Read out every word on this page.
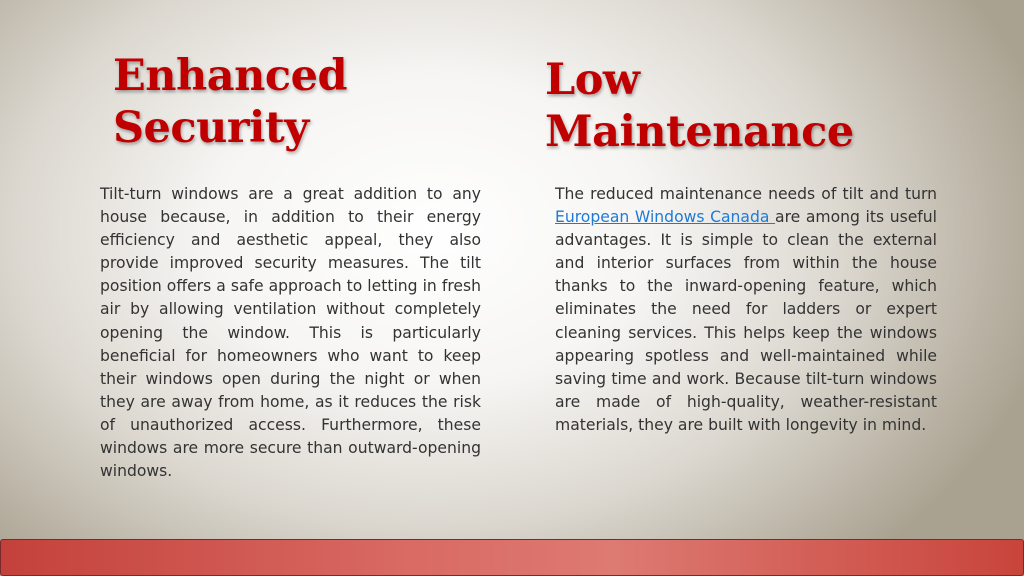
Enhanced
Security
Low
Maintenance

Tilt-turn windows are a great addition to any house because, in addition to their energy efficiency and aesthetic appeal, they also provide improved security measures. The tilt position offers a safe approach to letting in fresh air by allowing ventilation without completely opening the window. This is particularly beneficial for homeowners who want to keep their windows open during the night or when they are away from home, as it reduces the risk of unauthorized access. Furthermore, these windows are more secure than outward-opening windows.

The reduced maintenance needs of tilt and turn European Windows Canada are among its useful advantages. It is simple to clean the external and interior surfaces from within the house thanks to the inward-opening feature, which eliminates the need for ladders or expert cleaning services. This helps keep the windows appearing spotless and well-maintained while saving time and work. Because tilt-turn windows are made of high-quality, weather-resistant materials, they are built with longevity in mind.
